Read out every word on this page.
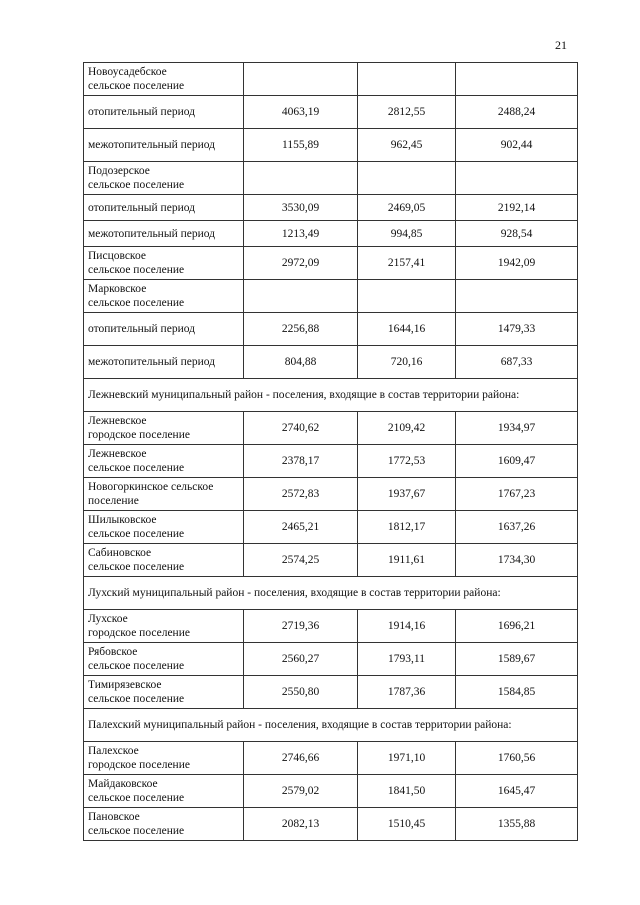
21
Новоусадебское
сельское поселение			
отопительный период	4063,19	2812,55	2488,24
межотопительный период	1155,89	962,45	902,44
Подозерское
сельское поселение			
отопительный период	3530,09	2469,05	2192,14
межотопительный период	1213,49	994,85	928,54
Писцовское
сельское поселение	2972,09	2157,41	1942,09
Марковское
сельское поселение			
отопительный период	2256,88	1644,16	1479,33
межотопительный период	804,88	720,16	687,33
Лежневский муниципальный район - поселения, входящие в состав территории района:			
Лежневское
городское поселение	2740,62	2109,42	1934,97
Лежневское
сельское поселение	2378,17	1772,53	1609,47
Новогоркинское сельское
поселение	2572,83	1937,67	1767,23
Шилыковское
сельское поселение	2465,21	1812,17	1637,26
Сабиновское
сельское поселение	2574,25	1911,61	1734,30
Лухский муниципальный район - поселения, входящие в состав территории района:			
Лухское
городское поселение	2719,36	1914,16	1696,21
Рябовское
сельское поселение	2560,27	1793,11	1589,67
Тимирязевское
сельское поселение	2550,80	1787,36	1584,85
Палехский муниципальный район - поселения, входящие в состав территории района:			
Палехское
городское поселение	2746,66	1971,10	1760,56
Майдаковское
сельское поселение	2579,02	1841,50	1645,47
Пановское
сельское поселение	2082,13	1510,45	1355,88
